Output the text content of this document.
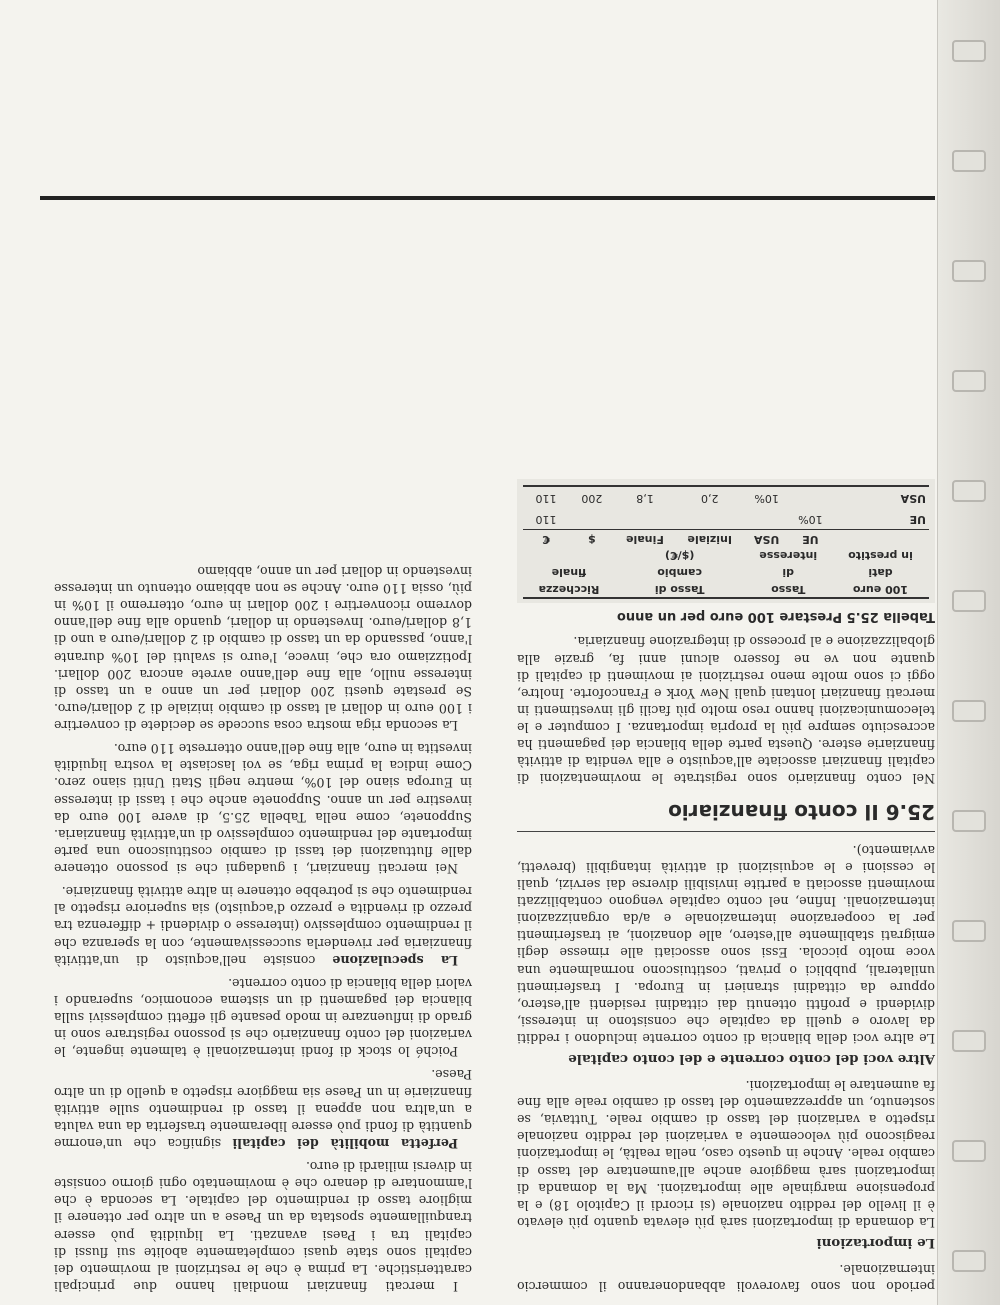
periodo non sono favorevoli abbandoneranno il commercio internazionale.

Le importazioni

La domanda di importazioni sarà più elevata quanto più elevato è il livello del reddito nazionale (si ricordi il Capitolo 18) e la propensione marginale alle importazioni. Ma la domanda di importazioni sarà maggiore anche all'aumentare del tasso di cambio reale. Anche in questo caso, nella realtà, le importazioni reagiscono più velocemente a variazioni del reddito nazionale rispetto a variazioni del tasso di cambio reale. Tuttavia, se sostenuto, un apprezzamento del tasso di cambio reale alla fine fa aumentare le importazioni.

Altre voci del conto corrente e del conto capitale

Le altre voci della bilancia di conto corrente includono i redditi da lavoro e quelli da capitale che consistono in interessi, dividendi e profitti ottenuti dai cittadini residenti all'estero, oppure da cittadini stranieri in Europa. I trasferimenti unilaterali, pubblici o privati, costituiscono normalmente una voce molto piccola. Essi sono associati alle rimesse degli emigrati stabilmente all'estero, alle donazioni, ai trasferimenti per la cooperazione internazionale e a/da organizzazioni internazionali. Infine, nel conto capitale vengono contabilizzati movimenti associati a partite invisibili diverse dai servizi, quali le cessioni e le acquisizioni di attività intangibili (brevetti, avviamento).

25.6 Il conto finanziario

Nel conto finanziario sono registrate le movimentazioni di capitali finanziari associate all'acquisto e alla vendita di attività finanziarie estere. Questa parte della bilancia dei pagamenti ha accresciuto sempre più la propria importanza. I computer e le telecomunicazioni hanno reso molto più facili gli investimenti in mercati finanziari lontani quali New York e Francoforte. Inoltre, oggi ci sono molte meno restrizioni ai movimenti di capitali di quante non ve ne fossero alcuni anni fa, grazie alla globalizzazione e al processo di integrazione finanziaria.

Tabella 25.5 Prestare 100 euro per un anno
100 euro	Tasso		Tasso di		Ricchezza	
dati	di		cambio		finale	
in prestito	interesse		($/€)			
	UE	USA	Iniziale	Finale	$	€
UE	10%					110
USA		10%	2,0	1,8	200	110

I mercati finanziari mondiali hanno due principali caratteristiche. La prima è che le restrizioni al movimento dei capitali sono state quasi completamente abolite sui flussi di capitali tra i Paesi avanzati. La liquidità può essere tranquillamente spostata da un Paese a un altro per ottenere il migliore tasso di rendimento del capitale. La seconda è che l'ammontare di denaro che è movimentato ogni giorno consiste in diversi miliardi di euro.

Perfetta mobilità dei capitali significa che un'enorme quantità di fondi può essere liberamente trasferita da una valuta a un'altra non appena il tasso di rendimento sulle attività finanziarie in un Paese sia maggiore rispetto a quello di un altro Paese.

Poiché lo stock di fondi internazionali è talmente ingente, le variazioni del conto finanziario che si possono registrare sono in grado di influenzare in modo pesante gli effetti complessivi sulla bilancia dei pagamenti di un sistema economico, superando i valori della bilancia di conto corrente.

La speculazione consiste nell'acquisto di un'attività finanziaria per rivenderla successivamente, con la speranza che il rendimento complessivo (interesse o dividendi + differenza tra prezzo di rivendita e prezzo d'acquisto) sia superiore rispetto al rendimento che si potrebbe ottenere in altre attività finanziarie.

Nei mercati finanziari, i guadagni che si possono ottenere dalle fluttuazioni dei tassi di cambio costituiscono una parte importante del rendimento complessivo di un'attività finanziaria. Supponete, come nella Tabella 25.5, di avere 100 euro da investire per un anno. Supponete anche che i tassi di interesse in Europa siano del 10%, mentre negli Stati Uniti siano zero. Come indica la prima riga, se voi lasciaste la vostra liquidità investita in euro, alla fine dell'anno otterreste 110 euro.

La seconda riga mostra cosa succede se decidete di convertire i 100 euro in dollari al tasso di cambio iniziale di 2 dollari/euro. Se prestate questi 200 dollari per un anno a un tasso di interesse nullo, alla fine dell'anno avrete ancora 200 dollari. Ipotizziamo ora che, invece, l'euro si svaluti del 10% durante l'anno, passando da un tasso di cambio di 2 dollari/euro a uno di 1,8 dollari/euro. Investendo in dollari, quando alla fine dell'anno dovremo riconvertire i 200 dollari in euro, otterremo il 10% in più, ossia 110 euro. Anche se non abbiamo ottenuto un interesse investendo in dollari per un anno, abbiamo
